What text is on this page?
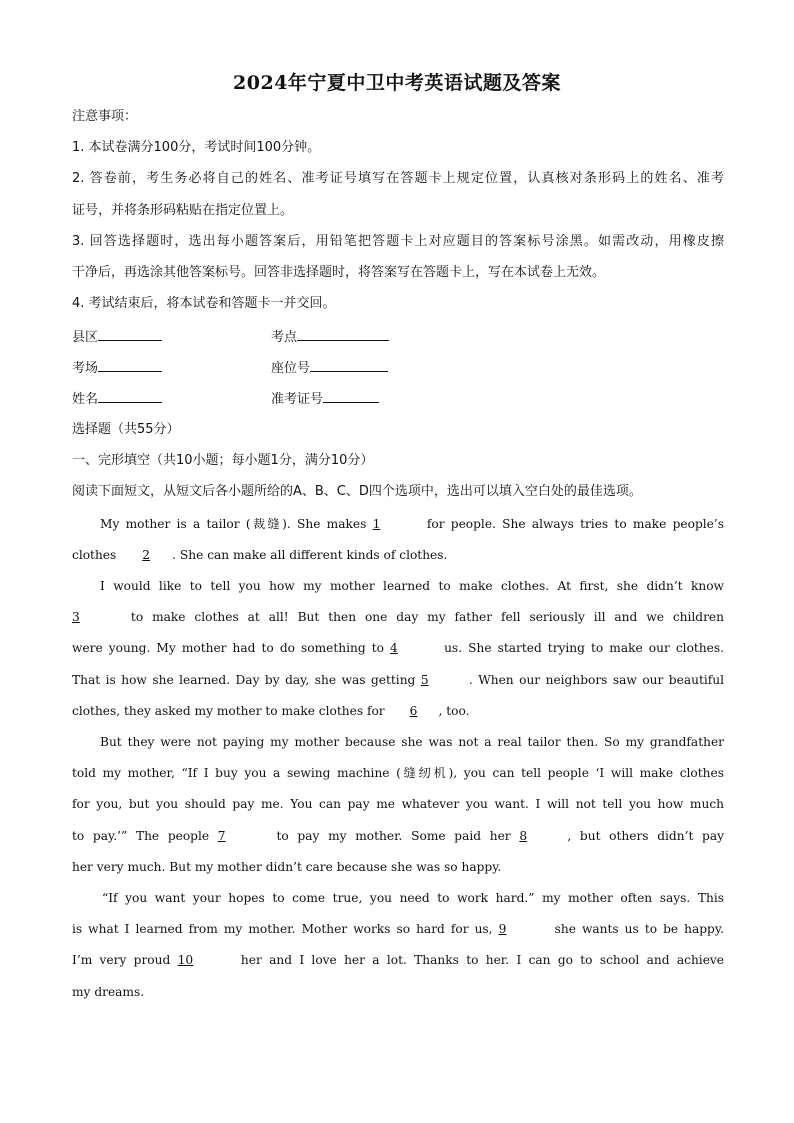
2024年宁夏中卫中考英语试题及答案
注意事项：
1. 本试卷满分100分，考试时间100分钟。
2. 答卷前，考生务必将自己的姓名、准考证号填写在答题卡上规定位置，认真核对条形码上的姓名、准考
证号，并将条形码粘贴在指定位置上。
3. 回答选择题时，选出每小题答案后，用铅笔把答题卡上对应题目的答案标号涂黑。如需改动，用橡皮擦
干净后，再选涂其他答案标号。回答非选择题时，将答案写在答题卡上，写在本试卷上无效。
4. 考试结束后，将本试卷和答题卡一并交回。
县区	考点
考场	座位号
姓名	准考证号
选择题（共55分）
一、完形填空（共10小题；每小题1分，满分10分）
阅读下面短文，从短文后各小题所给的A、B、C、D四个选项中，选出可以填入空白处的最佳选项。
My mother is a tailor (裁缝). She makes 1	for people. She always tries to make people’s
clothes 2 . She can make all different kinds of clothes.
I would like to tell you how my mother learned to make clothes. At first, she didn’t know
3	to make clothes at all! But then one day my father fell seriously ill and we children
were young. My mother had to do something to 4	us. She started trying to make our clothes.
That is how she learned. Day by day, she was getting 5	. When our neighbors saw our beautiful
clothes, they asked my mother to make clothes for 6 , too.
But they were not paying my mother because she was not a real tailor then. So my grandfather
told my mother, “If I buy you a sewing machine (缝纫机), you can tell people ‘I will make clothes
for you, but you should pay me. You can pay me whatever you want. I will not tell you how much
to pay.’” The people 7	to pay my mother. Some paid her 8	, but others didn’t pay
her very much. But my mother didn’t care because she was so happy.
“If you want your hopes to come true, you need to work hard.” my mother often says. This
is what I learned from my mother. Mother works so hard for us, 9	she wants us to be happy.
I’m very proud 10	her and I love her a lot. Thanks to her. I can go to school and achieve
my dreams.
